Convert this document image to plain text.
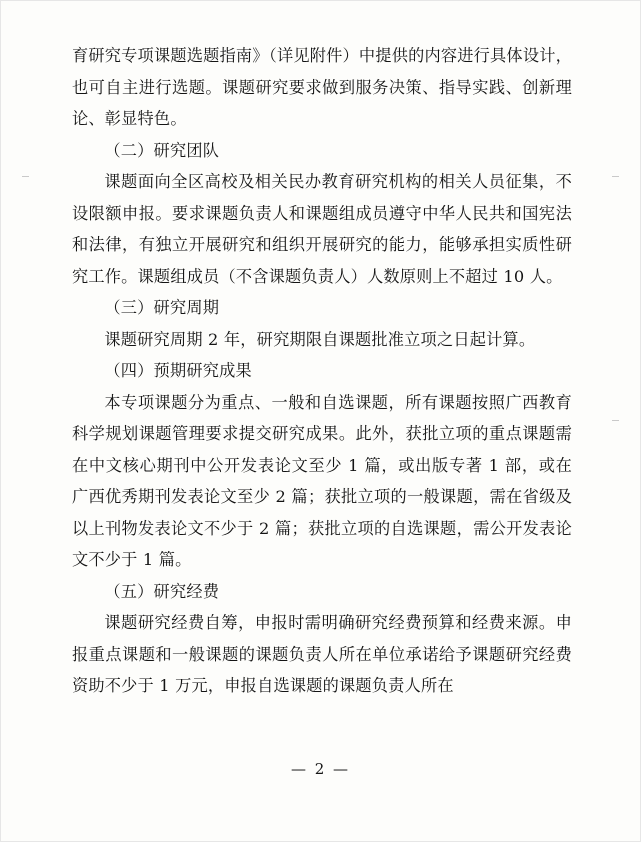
育研究专项课题选题指南》（详见附件）中提供的内容进行具体设计，也可自主进行选题。课题研究要求做到服务决策、指导实践、创新理论、彰显特色。

（二）研究团队

课题面向全区高校及相关民办教育研究机构的相关人员征集，不设限额申报。要求课题负责人和课题组成员遵守中华人民共和国宪法和法律，有独立开展研究和组织开展研究的能力，能够承担实质性研究工作。课题组成员（不含课题负责人）人数原则上不超过 10 人。

（三）研究周期

课题研究周期 2 年，研究期限自课题批准立项之日起计算。

（四）预期研究成果

本专项课题分为重点、一般和自选课题，所有课题按照广西教育科学规划课题管理要求提交研究成果。此外，获批立项的重点课题需在中文核心期刊中公开发表论文至少 1 篇，或出版专著 1 部，或在广西优秀期刊发表论文至少 2 篇；获批立项的一般课题，需在省级及以上刊物发表论文不少于 2 篇；获批立项的自选课题，需公开发表论文不少于 1 篇。

（五）研究经费

课题研究经费自筹，申报时需明确研究经费预算和经费来源。申报重点课题和一般课题的课题负责人所在单位承诺给予课题研究经费资助不少于 1 万元，申报自选课题的课题负责人所在

— 2 —
